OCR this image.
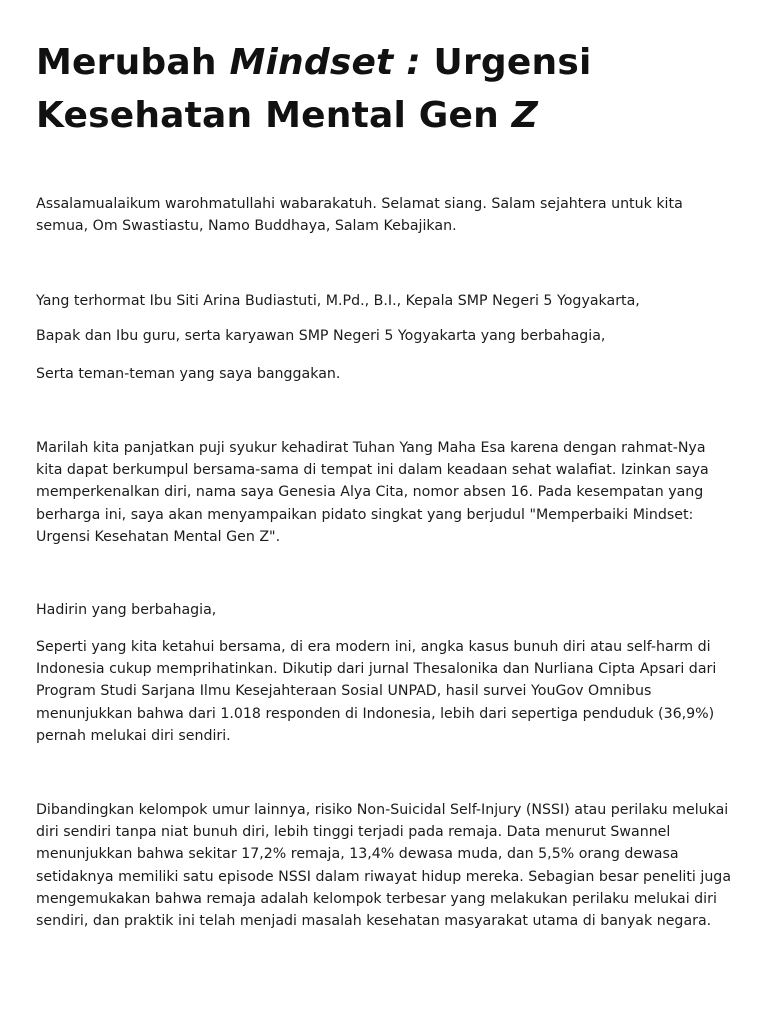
Merubah Mindset : Urgensi Kesehatan Mental Gen Z

Assalamualaikum warohmatullahi wabarakatuh. Selamat siang. Salam sejahtera untuk kita semua, Om Swastiastu, Namo Buddhaya, Salam Kebajikan.

Yang terhormat Ibu Siti Arina Budiastuti, M.Pd., B.I., Kepala SMP Negeri 5 Yogyakarta,

Bapak dan Ibu guru, serta karyawan SMP Negeri 5 Yogyakarta yang berbahagia,

Serta teman-teman yang saya banggakan.

Marilah kita panjatkan puji syukur kehadirat Tuhan Yang Maha Esa karena dengan rahmat-Nya kita dapat berkumpul bersama-sama di tempat ini dalam keadaan sehat walafiat. Izinkan saya memperkenalkan diri, nama saya Genesia Alya Cita, nomor absen 16. Pada kesempatan yang berharga ini, saya akan menyampaikan pidato singkat yang berjudul "Memperbaiki Mindset: Urgensi Kesehatan Mental Gen Z".

Hadirin yang berbahagia,

Seperti yang kita ketahui bersama, di era modern ini, angka kasus bunuh diri atau self-harm di Indonesia cukup memprihatinkan. Dikutip dari jurnal Thesalonika dan Nurliana Cipta Apsari dari Program Studi Sarjana Ilmu Kesejahteraan Sosial UNPAD, hasil survei YouGov Omnibus menunjukkan bahwa dari 1.018 responden di Indonesia, lebih dari sepertiga penduduk (36,9%) pernah melukai diri sendiri.

Dibandingkan kelompok umur lainnya, risiko Non-Suicidal Self-Injury (NSSI) atau perilaku melukai diri sendiri tanpa niat bunuh diri, lebih tinggi terjadi pada remaja. Data menurut Swannel menunjukkan bahwa sekitar 17,2% remaja, 13,4% dewasa muda, dan 5,5% orang dewasa setidaknya memiliki satu episode NSSI dalam riwayat hidup mereka. Sebagian besar peneliti juga mengemukakan bahwa remaja adalah kelompok terbesar yang melakukan perilaku melukai diri sendiri, dan praktik ini telah menjadi masalah kesehatan masyarakat utama di banyak negara.
